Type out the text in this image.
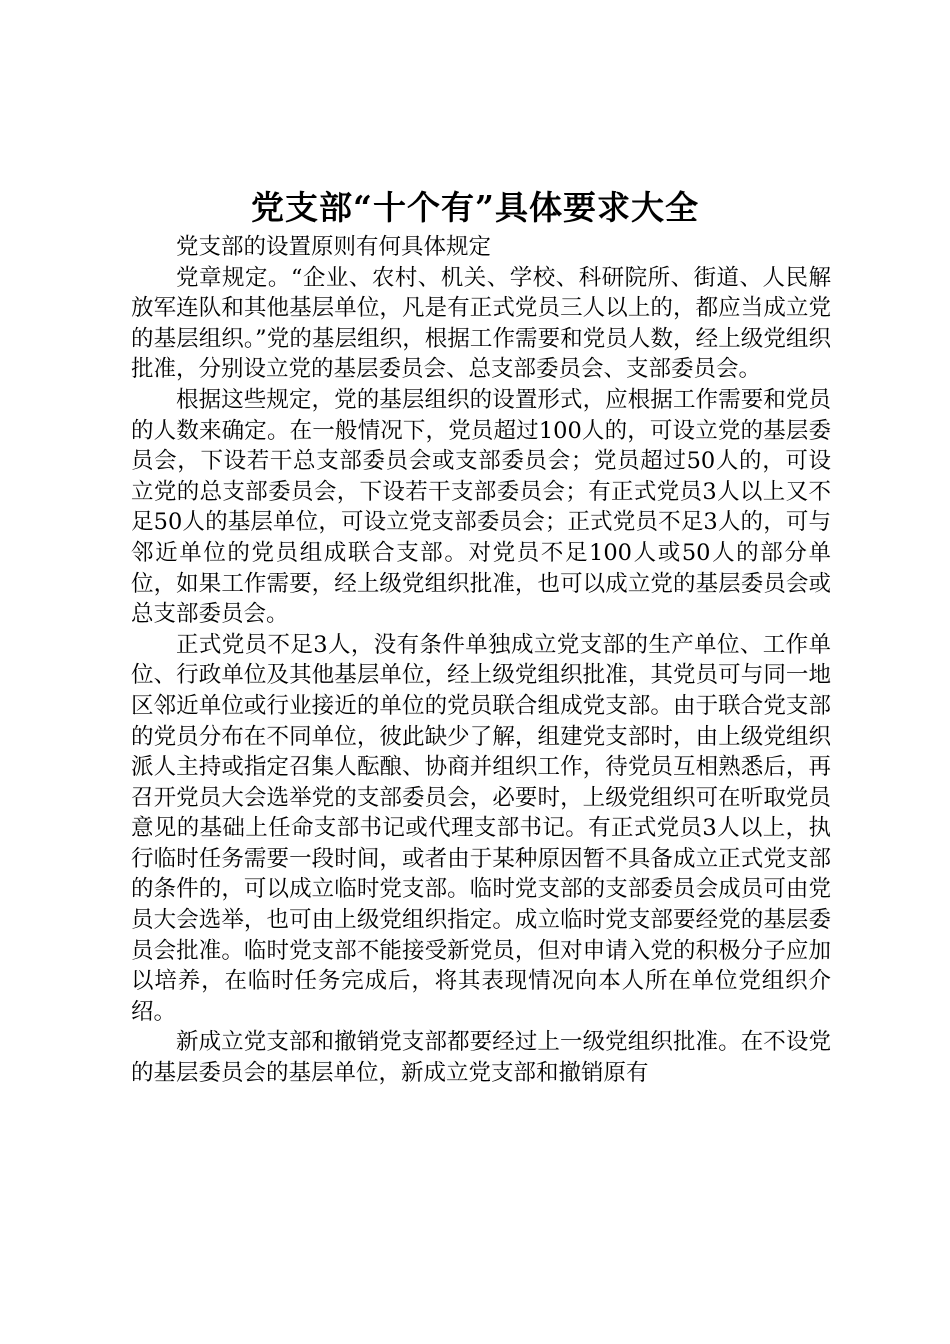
党支部“十个有”具体要求大全

党支部的设置原则有何具体规定

党章规定。“企业、农村、机关、学校、科研院所、街道、人民解放军连队和其他基层单位，凡是有正式党员三人以上的，都应当成立党的基层组织。”党的基层组织，根据工作需要和党员人数，经上级党组织批准，分别设立党的基层委员会、总支部委员会、支部委员会。

根据这些规定，党的基层组织的设置形式，应根据工作需要和党员的人数来确定。在一般情况下，党员超过100人的，可设立党的基层委员会，下设若干总支部委员会或支部委员会；党员超过50人的，可设立党的总支部委员会，下设若干支部委员会；有正式党员3人以上又不足50人的基层单位，可设立党支部委员会；正式党员不足3人的，可与邻近单位的党员组成联合支部。对党员不足100人或50人的部分单位，如果工作需要，经上级党组织批准，也可以成立党的基层委员会或总支部委员会。

正式党员不足3人，没有条件单独成立党支部的生产单位、工作单位、行政单位及其他基层单位，经上级党组织批准，其党员可与同一地区邻近单位或行业接近的单位的党员联合组成党支部。由于联合党支部的党员分布在不同单位，彼此缺少了解，组建党支部时，由上级党组织派人主持或指定召集人酝酿、协商并组织工作，待党员互相熟悉后，再召开党员大会选举党的支部委员会，必要时，上级党组织可在听取党员意见的基础上任命支部书记或代理支部书记。有正式党员3人以上，执行临时任务需要一段时间，或者由于某种原因暂不具备成立正式党支部的条件的，可以成立临时党支部。临时党支部的支部委员会成员可由党员大会选举，也可由上级党组织指定。成立临时党支部要经党的基层委员会批准。临时党支部不能接受新党员，但对申请入党的积极分子应加以培养，在临时任务完成后，将其表现情况向本人所在单位党组织介绍。

新成立党支部和撤销党支部都要经过上一级党组织批准。在不设党的基层委员会的基层单位，新成立党支部和撤销原有
